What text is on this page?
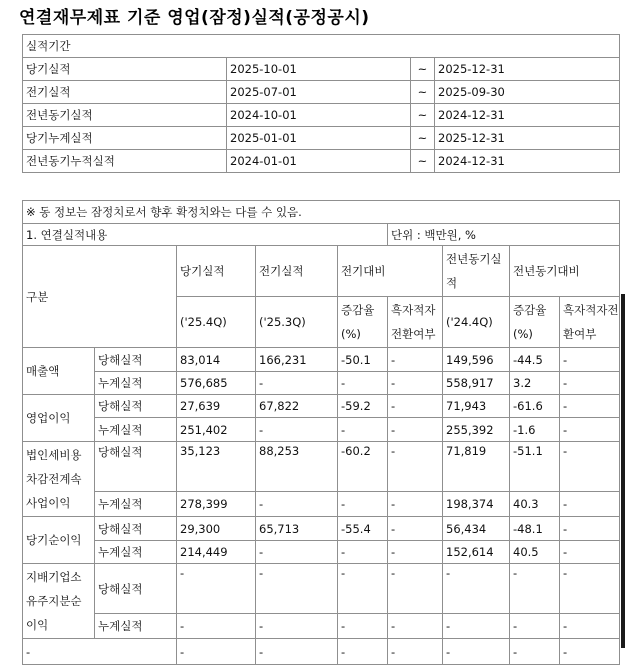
연결재무제표 기준 영업(잠정)실적(공정공시)
실적기간			
당기실적	2025-10-01	~	2025-12-31
전기실적	2025-07-01	~	2025-09-30
전년동기실적	2024-10-01	~	2024-12-31
당기누계실적	2025-01-01	~	2025-12-31
전년동기누적실적	2024-01-01	~	2024-12-31
※ 동 정보는 잠정치로서 향후 확정치와는 다를 수 있음.								
1. 연결실적내용					단위 : 백만원, %			
구분		당기실적	전기실적	전기대비		전년동기실적	전년동기대비	
		('25.4Q)	('25.3Q)	증감율(%)	흑자적자전환여부	('24.4Q)	증감율(%)	흑자적자전환여부
매출액	당해실적	83,014	166,231	-50.1	-	149,596	-44.5	-
	누계실적	576,685	-	-	-	558,917	3.2	-
영업이익	당해실적	27,639	67,822	-59.2	-	71,943	-61.6	-
	누계실적	251,402	-	-	-	255,392	-1.6	-
법인세비용차감전계속사업이익	당해실적	35,123	88,253	-60.2	-	71,819	-51.1	-
	누계실적	278,399	-	-	-	198,374	40.3	-
당기순이익	당해실적	29,300	65,713	-55.4	-	56,434	-48.1	-
	누계실적	214,449	-	-	-	152,614	40.5	-
지배기업소유주지분순이익	당해실적	-	-	-	-	-	-	-
	누계실적	-	-	-	-	-	-	-
-		-	-	-	-	-	-	-
